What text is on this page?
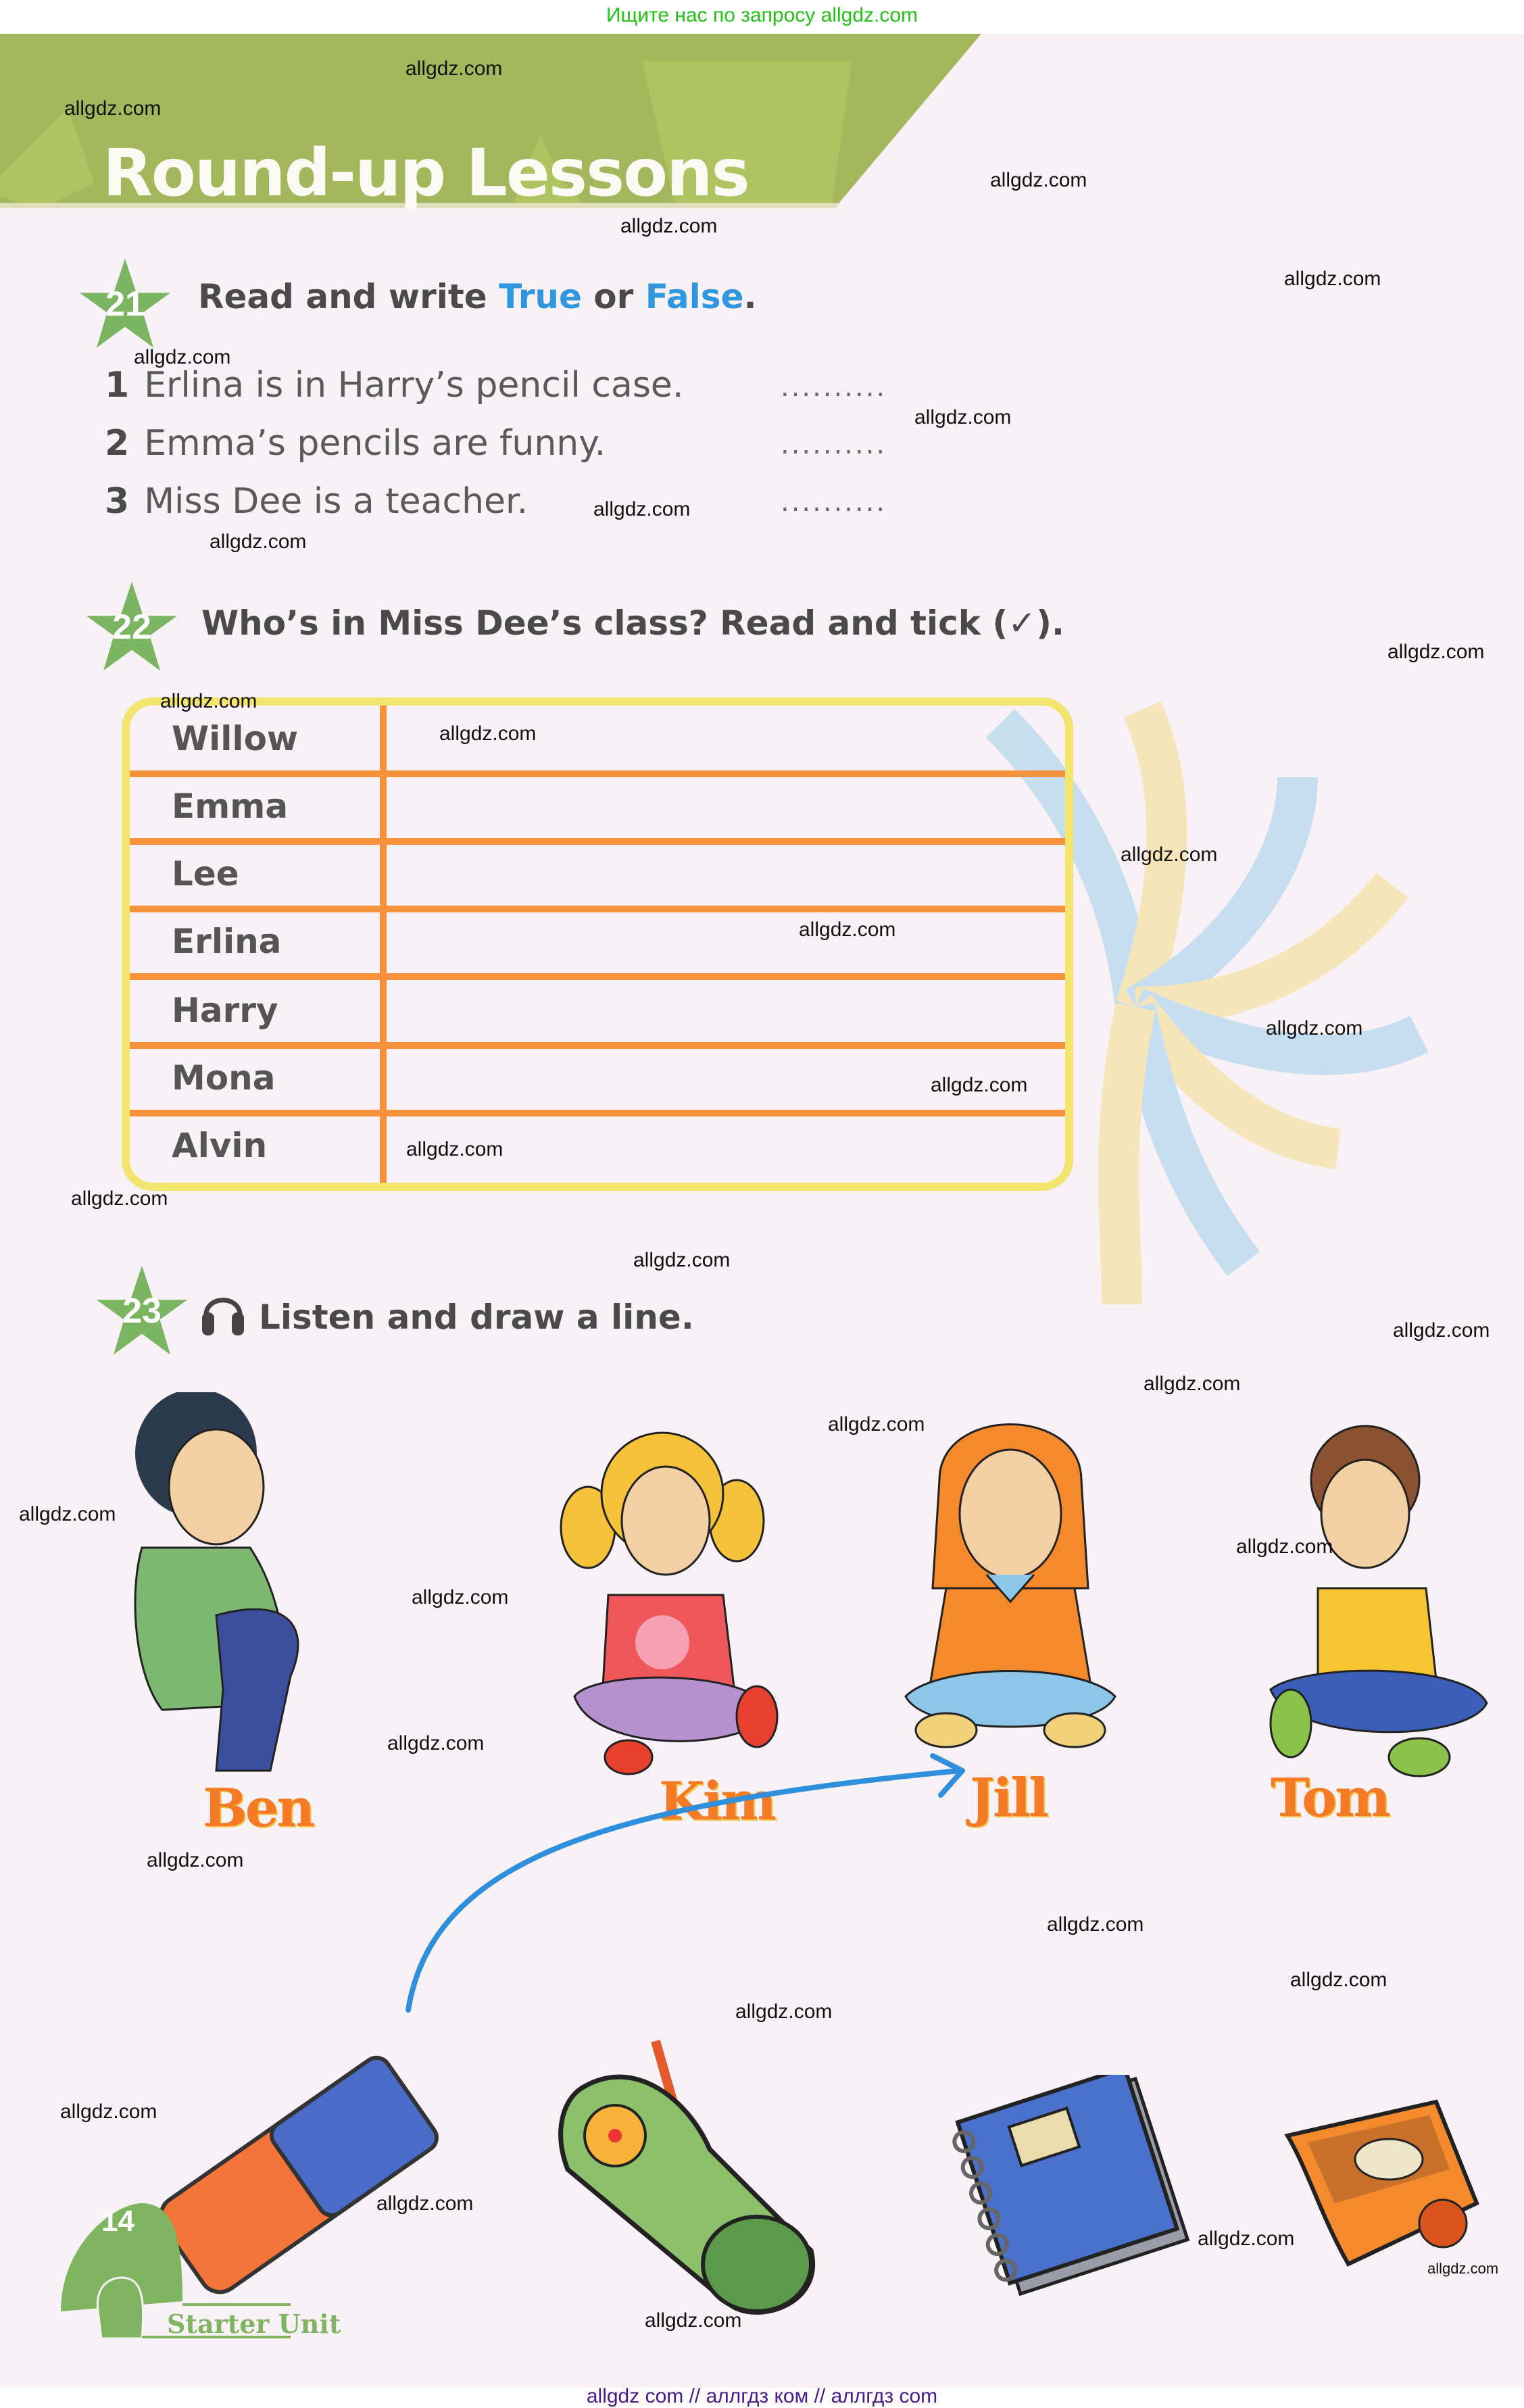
Ищите нас по запросу allgdz.com
Round-up Lessons
21	Read and write True or False.
1 Erlina is in Harry’s pencil case.	..........
2 Emma’s pencils are funny.	..........
3 Miss Dee is a teacher.	..........
22	Who’s in Miss Dee’s class? Read and tick (✓).
Willow
Emma
Lee
Erlina
Harry
Mona
Alvin
23	Listen and draw a line.
Ben	Kim	Jill	Tom
14
Starter Unit
allgdz.com
allgdz.com
allgdz.com
allgdz.com
allgdz.com
allgdz.com
allgdz.com
allgdz.com
allgdz.com
allgdz.com
allgdz.com
allgdz.com
allgdz.com
allgdz.com
allgdz.com
allgdz.com
allgdz.com
allgdz.com
allgdz.com
allgdz.com
allgdz.com
allgdz.com
allgdz.com
allgdz.com
allgdz.com
allgdz.com
allgdz.com
allgdz.com
allgdz.com
allgdz.com
allgdz.com
allgdz.com
allgdz.com
allgdz.com
allgdz.com
allgdz com // аллгдз ком // аллгдз com
